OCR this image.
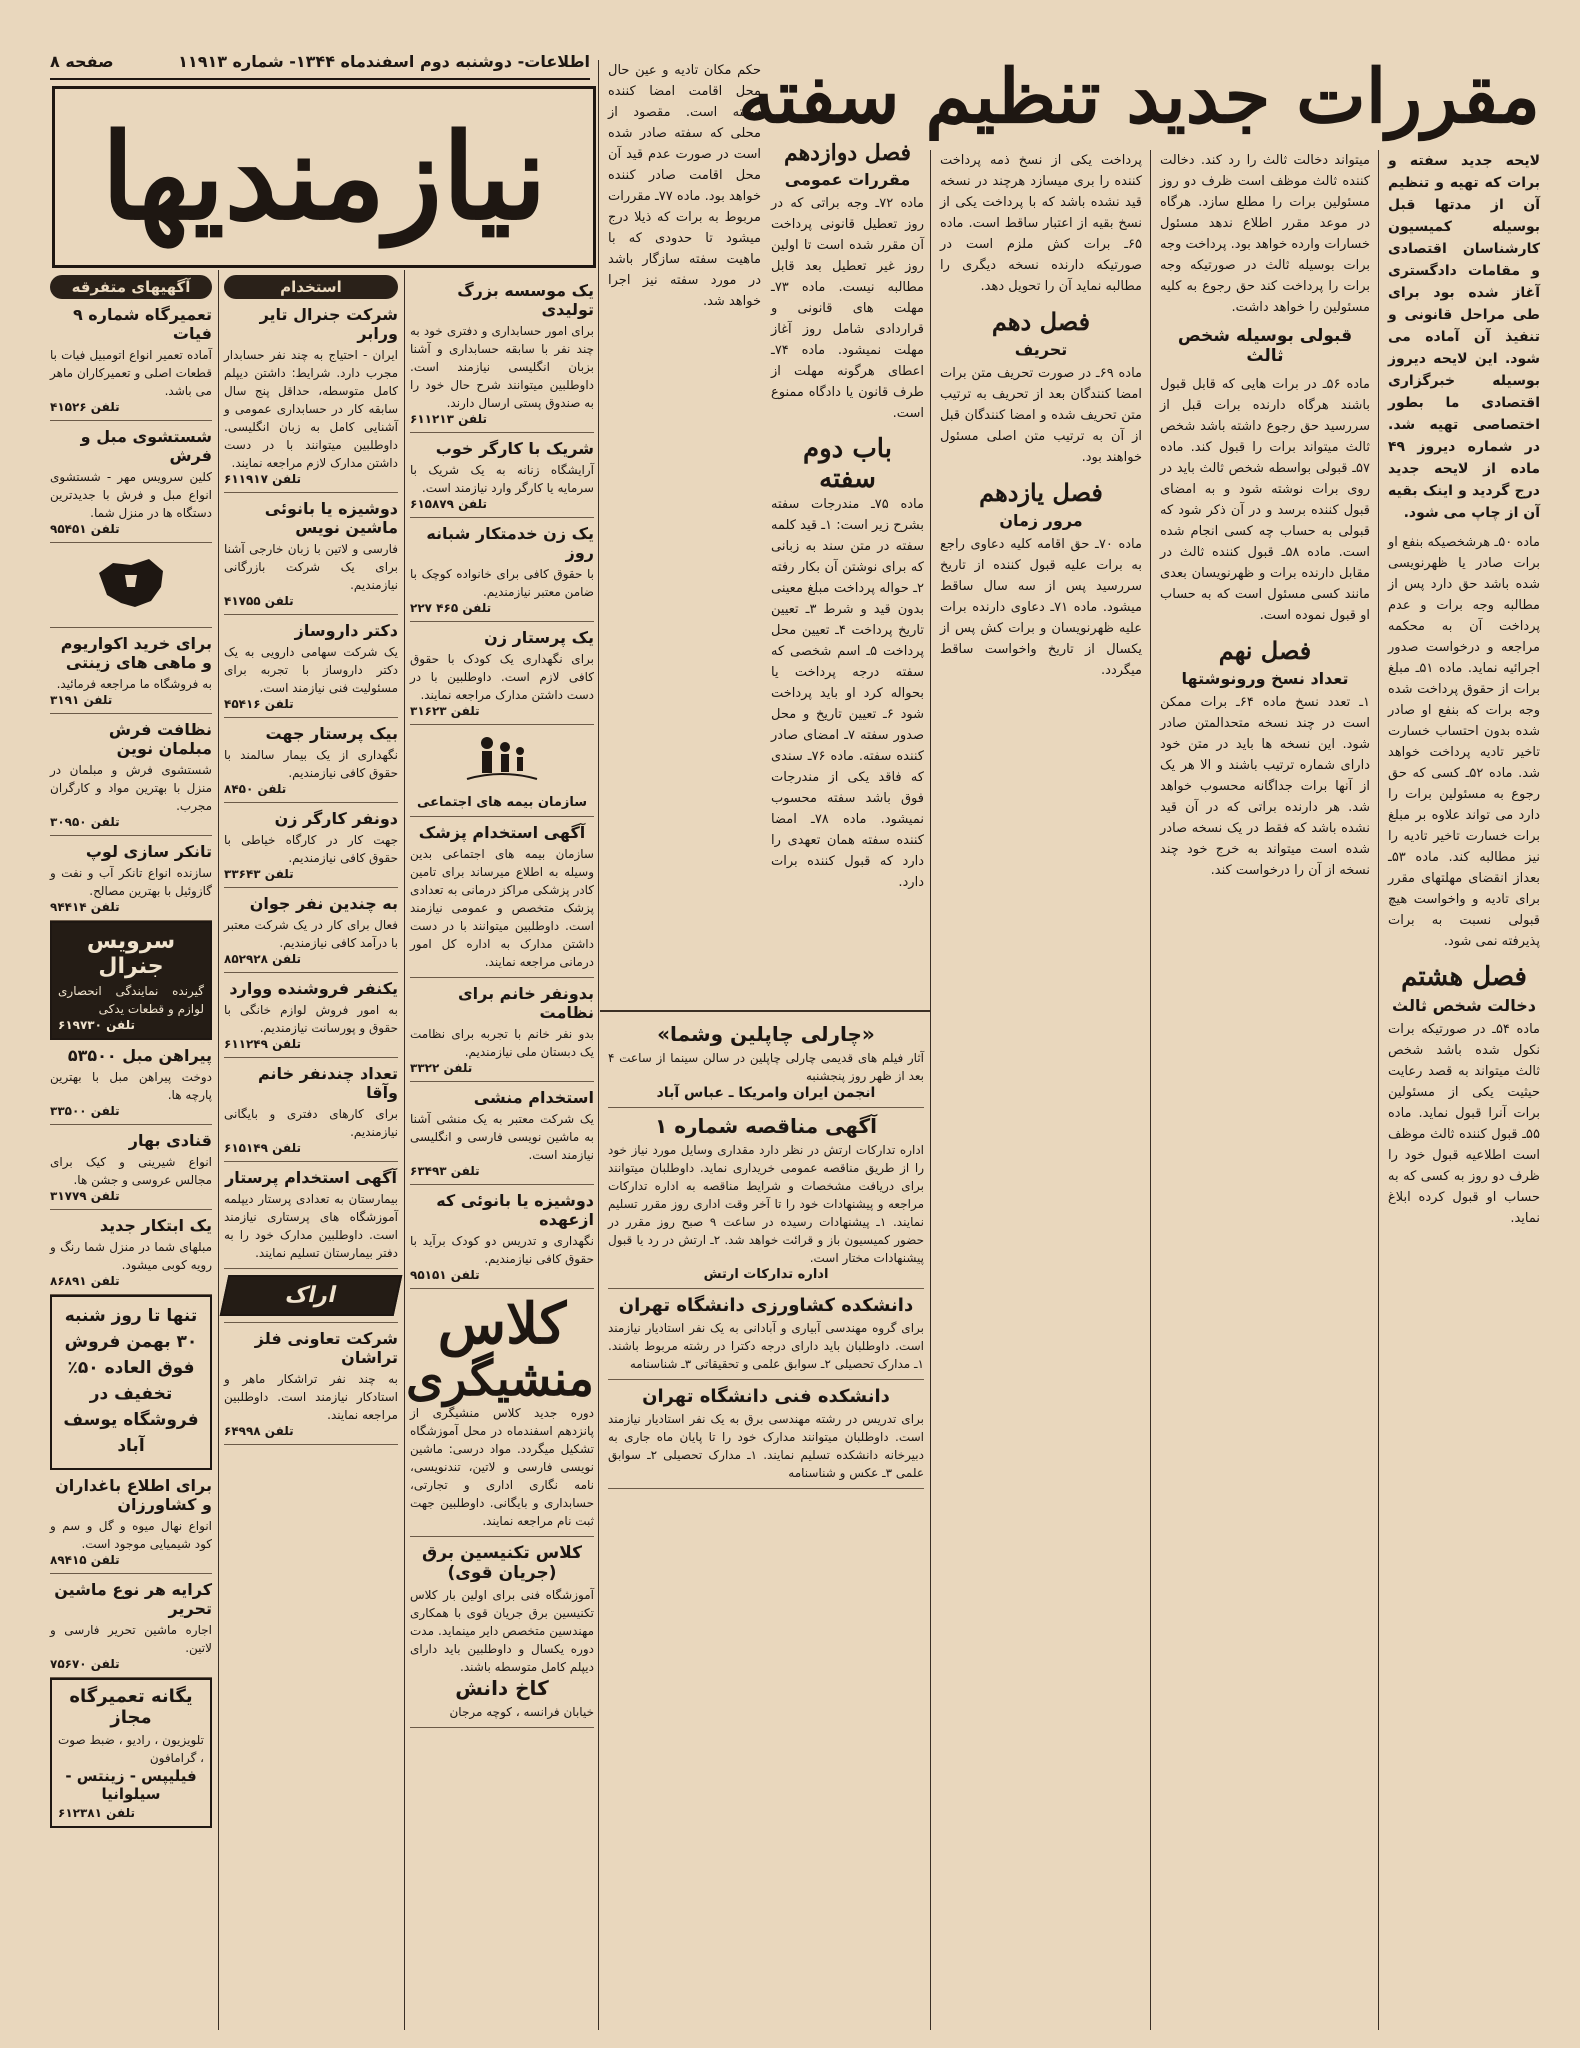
صفحه ۸	اطلاعات- دوشنبه دوم اسفندماه ۱۳۴۴- شماره ۱۱۹۱۳
نیازمندیها
مقررات جدید تنظیم سفته
لایحه جدید سفته و برات که تهیه و تنظیم آن از مدتها قبل بوسیله کمیسیون کارشناسان اقتصادی و مقامات دادگستری آغاز شده بود برای طی مراحل قانونی و تنفیذ آن آماده می شود. این لایحه دیروز بوسیله خبرگزاری اقتصادی ما بطور اختصاصی تهیه شد. در شماره دیروز ۴۹ ماده از لایحه جدید درج گردید و اینک بقیه آن از چاپ می شود.
ماده ۵۰ـ هرشخصیکه بنفع او برات صادر یا ظهرنویسی شده باشد حق دارد پس از مطالبه وجه برات و عدم پرداخت آن به محکمه مراجعه و درخواست صدور اجرائیه نماید. ماده ۵۱ـ مبلغ برات از حقوق پرداخت شده وجه برات که بنفع او صادر شده بدون احتساب خسارت تاخیر تادیه پرداخت خواهد شد. ماده ۵۲ـ کسی که حق رجوع به مسئولین برات را دارد می تواند علاوه بر مبلغ برات خسارت تاخیر تادیه را نیز مطالبه کند. ماده ۵۳ـ بعداز انقضای مهلتهای مقرر برای تادیه و واخواست هیچ قبولی نسبت به برات پذیرفته نمی شود.
فصل هشتم
دخالت شخص ثالث
ماده ۵۴ـ در صورتیکه برات نکول شده باشد شخص ثالث میتواند به قصد رعایت حیثیت یکی از مسئولین برات آنرا قبول نماید. ماده ۵۵ـ قبول کننده ثالث موظف است اطلاعیه قبول خود را ظرف دو روز به کسی که به حساب او قبول کرده ابلاغ نماید.
میتواند دخالت ثالث را رد کند. دخالت کننده ثالث موظف است ظرف دو روز مسئولین برات را مطلع سازد. هرگاه در موعد مقرر اطلاع ندهد مسئول خسارات وارده خواهد بود. پرداخت وجه برات بوسیله ثالث در صورتیکه وجه برات را پرداخت کند حق رجوع به کلیه مسئولین را خواهد داشت.
قبولی بوسیله شخص ثالث
ماده ۵۶ـ در برات هایی که قابل قبول باشند هرگاه دارنده برات قبل از سررسید حق رجوع داشته باشد شخص ثالث میتواند برات را قبول کند. ماده ۵۷ـ قبولی بواسطه شخص ثالث باید در روی برات نوشته شود و به امضای قبول کننده برسد و در آن ذکر شود که قبولی به حساب چه کسی انجام شده است. ماده ۵۸ـ قبول کننده ثالث در مقابل دارنده برات و ظهرنویسان بعدی مانند کسی مسئول است که به حساب او قبول نموده است.
فصل نهم
تعداد نسخ ورونوشتها
۱ـ تعدد نسخ ماده ۶۴ـ برات ممکن است در چند نسخه متحدالمتن صادر شود. این نسخه ها باید در متن خود دارای شماره ترتیب باشند و الا هر یک از آنها برات جداگانه محسوب خواهد شد. هر دارنده براتی که در آن قید نشده باشد که فقط در یک نسخه صادر شده است میتواند به خرج خود چند نسخه از آن را درخواست کند.
پرداخت یکی از نسخ ذمه پرداخت کننده را بری میسازد هرچند در نسخه قید نشده باشد که با پرداخت یکی از نسخ بقیه از اعتبار ساقط است. ماده ۶۵ـ برات کش ملزم است در صورتیکه دارنده نسخه دیگری را مطالبه نماید آن را تحویل دهد.
فصل دهم
تحریف
ماده ۶۹ـ در صورت تحریف متن برات امضا کنندگان بعد از تحریف به ترتیب متن تحریف شده و امضا کنندگان قبل از آن به ترتیب متن اصلی مسئول خواهند بود.
فصل یازدهم
مرور زمان
ماده ۷۰ـ حق اقامه کلیه دعاوی راجع به برات علیه قبول کننده از تاریخ سررسید پس از سه سال ساقط میشود. ماده ۷۱ـ دعاوی دارنده برات علیه ظهرنویسان و برات کش پس از یکسال از تاریخ واخواست ساقط میگردد.
فصل دوازدهم
مقررات عمومی
ماده ۷۲ـ وجه براتی که در روز تعطیل قانونی پرداخت آن مقرر شده است تا اولین روز غیر تعطیل بعد قابل مطالبه نیست. ماده ۷۳ـ مهلت های قانونی و قراردادی شامل روز آغاز مهلت نمیشود. ماده ۷۴ـ اعطای هرگونه مهلت از طرف قانون یا دادگاه ممنوع است.
باب دوم
سفته
ماده ۷۵ـ مندرجات سفته بشرح زیر است: ۱ـ قید کلمه سفته در متن سند به زبانی که برای نوشتن آن بکار رفته ۲ـ حواله پرداخت مبلغ معینی بدون قید و شرط ۳ـ تعیین تاریخ پرداخت ۴ـ تعیین محل پرداخت ۵ـ اسم شخصی که سفته درجه پرداخت یا بحواله کرد او باید پرداخت شود ۶ـ تعیین تاریخ و محل صدور سفته ۷ـ امضای صادر کننده سفته. ماده ۷۶ـ سندی که فاقد یکی از مندرجات فوق باشد سفته محسوب نمیشود. ماده ۷۸ـ امضا کننده سفته همان تعهدی را دارد که قبول کننده برات دارد.
حکم مکان تادیه و عین حال محل اقامت امضا کننده سفته است. مقصود از محلی که سفته صادر شده است در صورت عدم قید آن محل اقامت صادر کننده خواهد بود. ماده ۷۷ـ مقررات مربوط به برات که ذیلا درج میشود تا حدودی که با ماهیت سفته سازگار باشد در مورد سفته نیز اجرا خواهد شد.
«چارلی چاپلین وشما»
آثار فیلم های قدیمی چارلی چاپلین در سالن سینما از ساعت ۴ بعد از ظهر روز پنجشنبه
انجمن ایران وامریکا ـ عباس آباد
آگهی مناقصه شماره ۱
اداره تدارکات ارتش در نظر دارد مقداری وسایل مورد نیاز خود را از طریق مناقصه عمومی خریداری نماید. داوطلبان میتوانند برای دریافت مشخصات و شرایط مناقصه به اداره تدارکات مراجعه و پیشنهادات خود را تا آخر وقت اداری روز مقرر تسلیم نمایند. ۱ـ پیشنهادات رسیده در ساعت ۹ صبح روز مقرر در حضور کمیسیون باز و قرائت خواهد شد. ۲ـ ارتش در رد یا قبول پیشنهادات مختار است.
اداره تدارکات ارتش
دانشکده کشاورزی دانشگاه تهران
برای گروه مهندسی آبیاری و آبادانی به یک نفر استادیار نیازمند است. داوطلبان باید دارای درجه دکترا در رشته مربوط باشند. ۱ـ مدارک تحصیلی ۲ـ سوابق علمی و تحقیقاتی ۳ـ شناسنامه
دانشکده فنی دانشگاه تهران
برای تدریس در رشته مهندسی برق به یک نفر استادیار نیازمند است. داوطلبان میتوانند مدارک خود را تا پایان ماه جاری به دبیرخانه دانشکده تسلیم نمایند. ۱ـ مدارک تحصیلی ۲ـ سوابق علمی ۳ـ عکس و شناسنامه
یک موسسه بزرگ تولیدی
برای امور حسابداری و دفتری خود به چند نفر با سابقه حسابداری و آشنا بزبان انگلیسی نیازمند است. داوطلبین میتوانند شرح حال خود را به صندوق پستی ارسال دارند.
تلفن ۶۱۱۲۱۳
شریک با کارگر خوب
آرایشگاه زنانه به یک شریک با سرمایه یا کارگر وارد نیازمند است.
تلفن ۶۱۵۸۷۹
یک زن خدمتکار شبانه روز
با حقوق کافی برای خانواده کوچک با ضامن معتبر نیازمندیم.
تلفن ۴۶۵ ۲۲۷
یک پرستار زن
برای نگهداری یک کودک با حقوق کافی لازم است. داوطلبین با در دست داشتن مدارک مراجعه نمایند.
تلفن ۳۱۶۲۳
سازمان بیمه های اجتماعی
آگهی استخدام پزشک
سازمان بیمه های اجتماعی بدین وسیله به اطلاع میرساند برای تامین کادر پزشکی مراکز درمانی به تعدادی پزشک متخصص و عمومی نیازمند است. داوطلبین میتوانند با در دست داشتن مدارک به اداره کل امور درمانی مراجعه نمایند.
بدونفر خانم برای نظامت
بدو نفر خانم با تجربه برای نظامت یک دبستان ملی نیازمندیم.
تلفن ۳۳۲۲
استخدام منشی
یک شرکت معتبر به یک منشی آشنا به ماشین نویسی فارسی و انگلیسی نیازمند است.
تلفن ۶۳۴۹۳
دوشیزه یا بانوئی که ازعهده
نگهداری و تدریس دو کودک برآید با حقوق کافی نیازمندیم.
تلفن ۹۵۱۵۱
کلاس
منشیگری
دوره جدید کلاس منشیگری از پانزدهم اسفندماه در محل آموزشگاه تشکیل میگردد. مواد درسی: ماشین نویسی فارسی و لاتین، تندنویسی، نامه نگاری اداری و تجارتی، حسابداری و بایگانی. داوطلبین جهت ثبت نام مراجعه نمایند.
کلاس تکنیسین برق (جریان قوی)
آموزشگاه فنی برای اولین بار کلاس تکنیسین برق جریان قوی با همکاری مهندسین متخصص دایر مینماید. مدت دوره یکسال و داوطلبین باید دارای دیپلم کامل متوسطه باشند.
کاخ دانش
خیابان فرانسه ، کوچه مرجان
استخدام
شرکت جنرال تایر ورابر
ایران - احتیاج به چند نفر حسابدار مجرب دارد. شرایط: داشتن دیپلم کامل متوسطه، حداقل پنج سال سابقه کار در حسابداری عمومی و آشنایی کامل به زبان انگلیسی. داوطلبین میتوانند با در دست داشتن مدارک لازم مراجعه نمایند.
تلفن ۶۱۱۹۱۷
دوشیزه یا بانوئی ماشین نویس
فارسی و لاتین با زبان خارجی آشنا برای یک شرکت بازرگانی نیازمندیم.
تلفن ۴۱۷۵۵
دکتر داروساز
یک شرکت سهامی دارویی به یک دکتر داروساز با تجربه برای مسئولیت فنی نیازمند است.
تلفن ۴۵۴۱۶
بیک پرستار جهت
نگهداری از یک بیمار سالمند با حقوق کافی نیازمندیم.
تلفن ۸۴۵۰
دونفر کارگر زن
جهت کار در کارگاه خیاطی با حقوق کافی نیازمندیم.
تلفن ۳۳۶۴۳
به چندین نفر جوان
فعال برای کار در یک شرکت معتبر با درآمد کافی نیازمندیم.
تلفن ۸۵۲۹۲۸
یکنفر فروشنده ووارد
به امور فروش لوازم خانگی با حقوق و پورسانت نیازمندیم.
تلفن ۶۱۱۲۴۹
تعداد چندنفر خانم وآقا
برای کارهای دفتری و بایگانی نیازمندیم.
تلفن ۶۱۵۱۴۹
آگهی استخدام پرستار
بیمارستان به تعدادی پرستار دیپلمه آموزشگاه های پرستاری نیازمند است. داوطلبین مدارک خود را به دفتر بیمارستان تسلیم نمایند.
اراک
شرکت تعاونی فلز تراشان
به چند نفر تراشکار ماهر و استادکار نیازمند است. داوطلبین مراجعه نمایند.
تلفن ۶۴۹۹۸
آگهیهای متفرقه
تعمیرگاه شماره ۹ فیات
آماده تعمیر انواع اتومبیل فیات با قطعات اصلی و تعمیرکاران ماهر می باشد.
تلفن ۴۱۵۲۶
شستشوی مبل و فرش
کلین سرویس مهر - شستشوی انواع مبل و فرش با جدیدترین دستگاه ها در منزل شما.
تلفن ۹۵۴۵۱
برای خرید اکواریوم و ماهی های زینتی
به فروشگاه ما مراجعه فرمائید.
تلفن ۳۱۹۱
نظافت فرش مبلمان نوین
شستشوی فرش و مبلمان در منزل با بهترین مواد و کارگران مجرب.
تلفن ۳۰۹۵۰
تانکر سازی لوپ
سازنده انواع تانکر آب و نفت و گازوئیل با بهترین مصالح.
تلفن ۹۴۴۱۴
سرویس جنرال
گیرنده نمایندگی انحصاری لوازم و قطعات یدکی
تلفن ۶۱۹۷۳۰
پیراهن مبل ۵۳۵۰۰
دوخت پیراهن مبل با بهترین پارچه ها.
تلفن ۳۳۵۰۰
قنادی بهار
انواع شیرینی و کیک برای مجالس عروسی و جشن ها.
تلفن ۳۱۷۷۹
یک ابتکار جدید
مبلهای شما در منزل شما رنگ و رویه کوبی میشود.
تلفن ۸۶۸۹۱
تنها تا روز شنبه ۳۰ بهمن فروش فوق العاده ۵۰٪ تخفیف در فروشگاه یوسف آباد
برای اطلاع باغداران و کشاورزان
انواع نهال میوه و گل و سم و کود شیمیایی موجود است.
تلفن ۸۹۴۱۵
کرایه هر نوع ماشین تحریر
اجاره ماشین تحریر فارسی و لاتین.
تلفن ۷۵۶۷۰
یگانه تعمیرگاه مجاز
تلویزیون ، رادیو ، ضبط صوت ، گرامافون
فیلیپس - زینتس - سیلوانیا
تلفن ۶۱۲۳۸۱
